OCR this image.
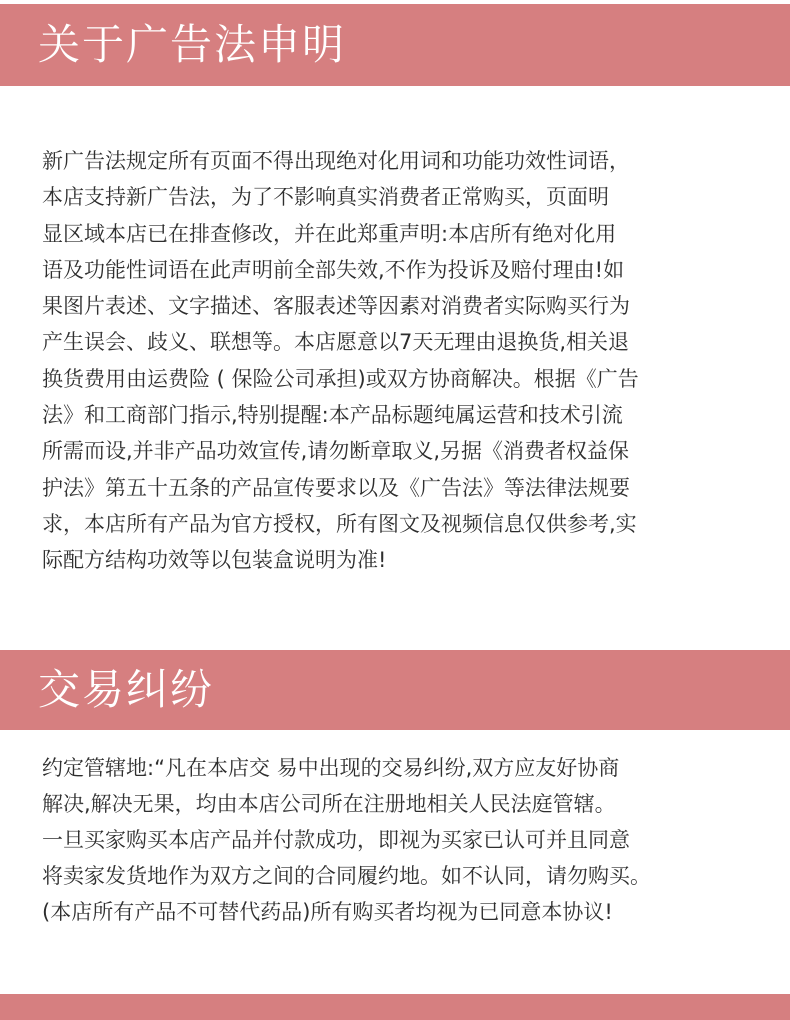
关于广告法申明
新广告法规定所有页面不得出现绝对化用词和功能功效性词语，
本店支持新广告法，为了不影响真实消费者正常购买，页面明
显区域本店已在排查修改，并在此郑重声明:本店所有绝对化用
语及功能性词语在此声明前全部失效,不作为投诉及赔付理由!如
果图片表述、文字描述、客服表述等因素对消费者实际购买行为
产生误会、歧义、联想等。本店愿意以7天无理由退换货,相关退
换货费用由运费险 ( 保险公司承担)或双方协商解决。根据《广告
法》和工商部门指示,特别提醒:本产品标题纯属运营和技术引流
所需而设,并非产品功效宣传,请勿断章取义,另据《消费者权益保
护法》第五十五条的产品宣传要求以及《广告法》等法律法规要
求，本店所有产品为官方授权，所有图文及视频信息仅供参考,实
际配方结构功效等以包装盒说明为准!
交易纠纷
约定管辖地:“凡在本店交 易中出现的交易纠纷,双方应友好协商
解决,解决无果，均由本店公司所在注册地相关人民法庭管辖。
一旦买家购买本店产品并付款成功，即视为买家已认可并且同意
将卖家发货地作为双方之间的合同履约地。如不认同，请勿购买。
(本店所有产品不可替代药品)所有购买者均视为已同意本协议!
